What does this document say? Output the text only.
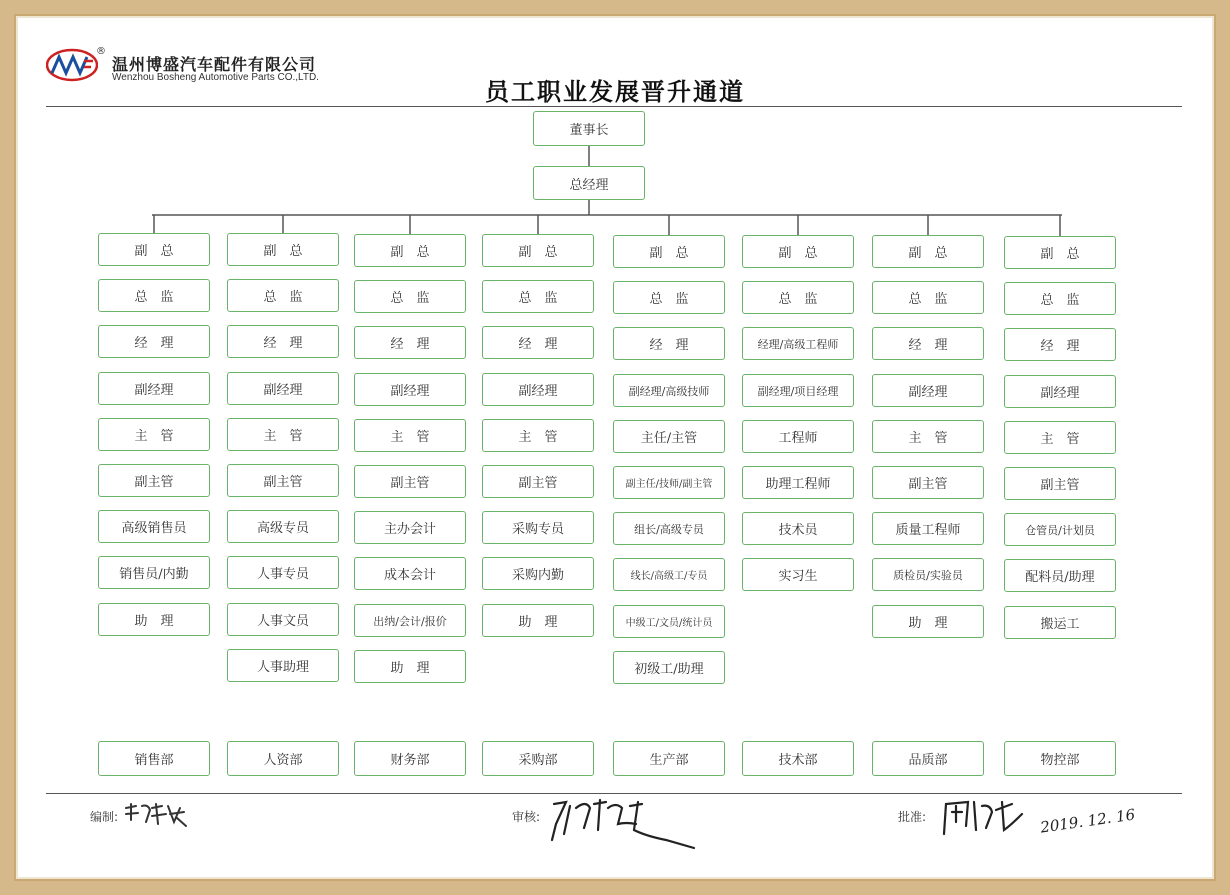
®
温州博盛汽车配件有限公司
Wenzhou Bosheng Automotive Parts CO.,LTD.
员工职业发展晋升通道
董事长
总经理
副　总
总　监
经　理
副经理
主　管
副主管
高级销售员
销售员/内勤
助　理
销售部
副　总
总　监
经　理
副经理
主　管
副主管
高级专员
人事专员
人事文员
人事助理
人资部
副　总
总　监
经　理
副经理
主　管
副主管
主办会计
成本会计
出纳/会计/报价
助　理
财务部
副　总
总　监
经　理
副经理
主　管
副主管
采购专员
采购内勤
助　理
采购部
副　总
总　监
经　理
副经理/高级技师
主任/主管
副主任/技师/副主管
组长/高级专员
线长/高级工/专员
中级工/文员/统计员
初级工/助理
生产部
副　总
总　监
经理/高级工程师
副经理/项目经理
工程师
助理工程师
技术员
实习生
技术部
副　总
总　监
经　理
副经理
主　管
副主管
质量工程师
质检员/实验员
助　理
品质部
副　总
总　监
经　理
副经理
主　管
副主管
仓管员/计划员
配料员/助理
搬运工
物控部
编制:	审核:	批准:	2019. 12. 16
